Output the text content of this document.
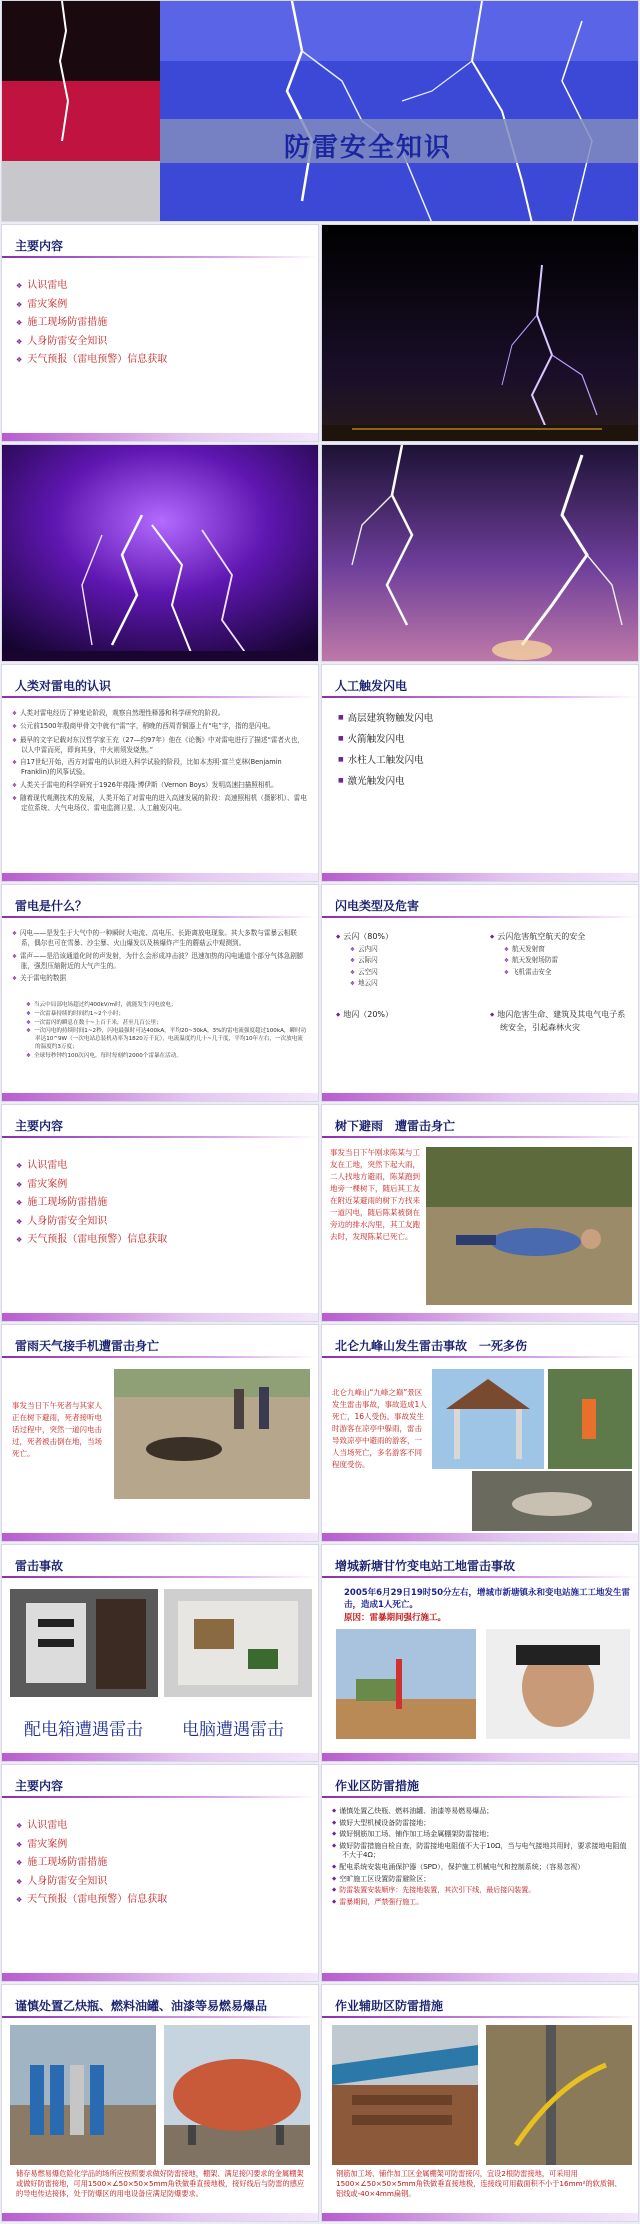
防雷安全知识
主要内容
❖ 认识雷电
❖ 雷灾案例
❖ 施工现场防雷措施
❖ 人身防雷安全知识
❖ 天气预报（雷电预警）信息获取
人类对雷电的认识
❖ 人类对雷电经历了神鬼论阶段，观察自然理性释器和科学研究的阶段。
❖ 公元前1500年殷商甲骨文中就有“雷”字，稍晚的西周青铜器上有“电”字，指的是闪电。
❖ 最早的文字记载对东汉哲学家王充（27—约97年）他在《论衡》中对雷电进行了描述“雷者火也，以人中雷而死，即询其身，中火则须发烧焦。”
❖ 自17世纪开始，西方对雷电的认识进入科学试验的阶段，比如本杰明·富兰克林(Benjamin Franklin)的风筝试验。
❖ 人类关于雷电的科学研究于1926年弗隆·博伊斯（Vernon Boys）发明高速扫描照相机。
❖ 随着现代观测技术的发展，人类开始了对雷电的进入高速发展的阶段：高速照相机（摄影机）、雷电定位系统、大气电场仪、雷电监测卫星、人工触发闪电。
人工触发闪电
■ 高层建筑物触发闪电
■ 火箭触发闪电
■ 水柱人工触发闪电
■ 激光触发闪电
雷电是什么？
❖ 闪电——是发生于大气中的一种瞬时大电流、高电压、长距离放电现象。其大多数与雷暴云相联系，偶尔也可在雪暴、沙尘暴、火山爆发以及核爆炸产生的蘑菇云中观测到。
❖ 雷声——是沿该通道化时的声发射，为什么会形成冲击波？迅速加热的闪电通道个部分气体急剧膨胀，强烈压缩附近的大气产生的。
❖ 关于雷电的数据
❖ 当云中局部电场超过约400kV/m时，就能发生闪电放电；
❖ 一次雷暴持续的时间约1~2个小时；
❖ 一次雷闪的瞬息在数十~上百千米，甚至几百公里；
❖ 一次闪电的持续时间1~2秒，闪电最强时可达400kA，平均20~30kA，3%的雷电流强度超过100kA，瞬时功率达10^9W（一次电站总装机功率为1820万千瓦），电流温度约几十~几千度，平均10年左右，一次放电流的温度约3万度；
❖ 全球每秒钟约100次闪电，每时每刻约2000个雷暴在活动。
闪电类型及危害
◆ 云闪（80%）
❖ 云内闪
❖ 云际闪
❖ 云空闪
❖ 地云闪
◆ 云闪危害航空航天的安全
❖ 航天发射窗
❖ 航天发射场防雷
❖ 飞机雷击安全
◆ 地闪（20%）
◆	地闪危害生命、建筑及其电气电子系统安全，引起森林火灾
主要内容
❖ 认识雷电
❖ 雷灾案例
❖ 施工现场防雷措施
❖ 人身防雷安全知识
❖ 天气预报（雷电预警）信息获取
树下避雨　遭雷击身亡
事发当日下午刚求陈某与工友在工地，突然下起大雨，二人找地方避雨，陈某跑到地旁一棵树下，随后其工友在附近某避雨的树下方找来一道闪电，随后陈某被倒在旁边的排水沟里，其工友跑去时，发现陈某已死亡。
雷雨天气接手机遭雷击身亡
事发当日下午死者与其家人正在树下避雨，死者接听电话过程中，突然一道闪电击过，死者被击倒在地，当场死亡。
北仑九峰山发生雷击事故　一死多伤
北仑九峰山“九峰之巅”景区发生雷击事故，事故造成1人死亡，16人受伤。事故发生时游客在凉亭中躲雨，雷击导致凉亭中避雨的游客，一人当场死亡，多名游客不同程度受伤。
雷击事故
配电箱遭遇雷击 电脑遭遇雷击
增城新塘甘竹变电站工地雷击事故
2005年6月29日19时50分左右，增城市新塘镇永和变电站施工工地发生雷击，造成1人死亡。
原因：雷暴期间强行施工。
主要内容
❖ 认识雷电
❖ 雷灾案例
❖ 施工现场防雷措施
❖ 人身防雷安全知识
❖ 天气预报（雷电预警）信息获取
作业区防雷措施
◆ 谨慎处置乙炔瓶、燃料油罐、油漆等易燃易爆品；
◆ 做好大型机械设备防雷接地；
◆ 做好钢筋加工场、铺作加工场金属棚架防雷接地；
◆ 做好防雷措施自检自查，防雷接地电阻值不大于10Ω，当与电气接地共用时，要求接地电阻值不大于4Ω；
◆ 配电系统安装电涌保护器（SPD），保护施工机械电气和控制系统；（容易忽视）
◆ 空旷施工区设置防雷避险区；
◆ 防雷装置安装顺序：先接地装置，其次引下线，最后接闪装置。
◆ 雷暴期间，严禁强行施工。
谨慎处置乙炔瓶、燃料油罐、油漆等易燃易爆品
储存易燃易爆危险化学品的场所应按照要求做好防雷接地，棚架、满足接闪要求的金属棚架或做好防雷接地，可用1500×∠50×50×5mm角铁做垂直接地极，接好线后与防雷的感应的导电传达接体，处于防爆区的用电设备应满足防爆要求。
作业辅助区防雷措施
钢筋加工场、铺作加工区金属棚架可防雷接闪，宜设2根防雷接地，可采用用1500×∠50×50×5mm角铁做垂直接地极，连接线可用截面积不小于16mm²的软质铜、铝线或-40×4mm扁钢。
